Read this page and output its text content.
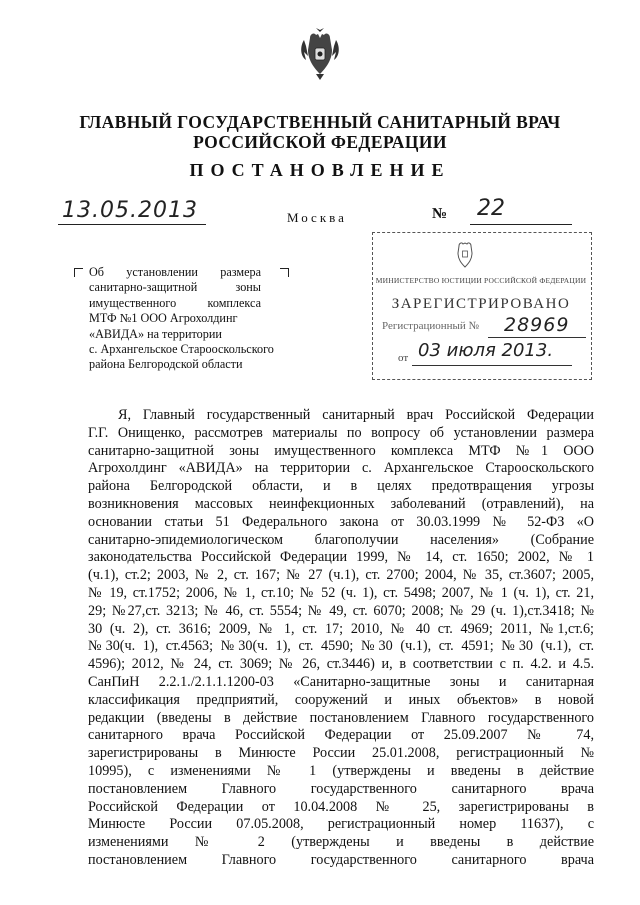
ГЛАВНЫЙ ГОСУДАРСТВЕННЫЙ САНИТАРНЫЙ ВРАЧ
РОССИЙСКОЙ ФЕДЕРАЦИИ
ПОСТАНОВЛЕНИЕ
13.05.2013	Москва	№ 22
МИНИСТЕРСТВО ЮСТИЦИИ РОССИЙСКОЙ ФЕДЕРАЦИИ
ЗАРЕГИСТРИРОВАНО
Регистрационный № 28969
от 03 июля 2013.
Об установлении размера
санитарно-защитной зоны
имущественного комплекса
МТФ №1 ООО Агрохолдинг
«АВИДА» на территории
с. Архангельское Старооскольского
района Белгородской области
Я, Главный государственный санитарный врач Российской Федерации
Г.Г. Онищенко, рассмотрев материалы по вопросу об установлении размера
санитарно-защитной зоны имущественного комплекса МТФ №1 ООО
Агрохолдинг «АВИДА» на территории с. Архангельское Старооскольского
района Белгородской области, и в целях предотвращения угрозы
возникновения массовых неинфекционных заболеваний (отравлений), на
основании статьи 51 Федерального закона от 30.03.1999 № 52-ФЗ «О
санитарно-эпидемиологическом благополучии населения» (Собрание
законодательства Российской Федерации 1999, № 14, ст. 1650; 2002, № 1
(ч.1), ст.2; 2003, № 2, ст. 167; № 27 (ч.1), ст. 2700; 2004, № 35, ст.3607; 2005,
№ 19, ст.1752; 2006, № 1, ст.10; № 52 (ч. 1), ст. 5498; 2007, № 1 (ч. 1), ст. 21,
29; №27,ст. 3213; № 46, ст. 5554; № 49, ст. 6070; 2008; № 29 (ч. 1),ст.3418; №
30 (ч. 2), ст. 3616; 2009, № 1, ст. 17; 2010, № 40 ст. 4969; 2011, №1,ст.6;
№30(ч. 1), ст.4563; №30(ч. 1), ст. 4590; №30 (ч.1), ст. 4591; №30 (ч.1), ст.
4596); 2012, № 24, ст. 3069; № 26, ст.3446) и, в соответствии с п. 4.2. и 4.5.
СанПиН 2.2.1./2.1.1.1200-03 «Санитарно-защитные зоны и санитарная
классификация предприятий, сооружений и иных объектов» в новой
редакции (введены в действие постановлением Главного государственного
санитарного врача Российской Федерации от 25.09.2007 № 74,
зарегистрированы в Минюсте России 25.01.2008, регистрационный №
10995), с изменениями № 1 (утверждены и введены в действие
постановлением Главного государственного санитарного врача
Российской Федерации от 10.04.2008 № 25, зарегистрированы в
Минюсте России 07.05.2008, регистрационный номер 11637), с
изменениями № 2 (утверждены и введены в действие
постановлением Главного государственного санитарного врача
